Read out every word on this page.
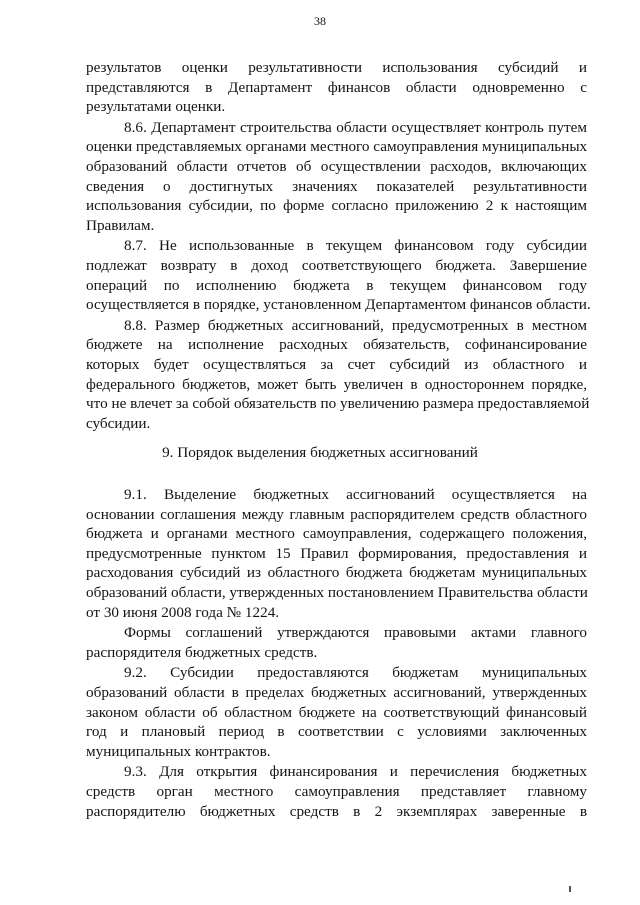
38
результатов оценки результативности использования субсидий и
представляются в Департамент финансов области одновременно с
результатами оценки.
8.6. Департамент строительства области осуществляет контроль путем
оценки представляемых органами местного самоуправления муниципальных
образований области отчетов об осуществлении расходов, включающих
сведения о достигнутых значениях показателей результативности
использования субсидии, по форме согласно приложению 2 к настоящим
Правилам.
8.7. Не использованные в текущем финансовом году субсидии
подлежат возврату в доход соответствующего бюджета. Завершение
операций по исполнению бюджета в текущем финансовом году
осуществляется в порядке, установленном Департаментом финансов области.
8.8. Размер бюджетных ассигнований, предусмотренных в местном
бюджете на исполнение расходных обязательств, софинансирование
которых будет осуществляться за счет субсидий из областного и
федерального бюджетов, может быть увеличен в одностороннем порядке,
что не влечет за собой обязательств по увеличению размера предоставляемой
субсидии.
9. Порядок выделения бюджетных ассигнований
9.1. Выделение бюджетных ассигнований осуществляется на
основании соглашения между главным распорядителем средств областного
бюджета и органами местного самоуправления, содержащего положения,
предусмотренные пунктом 15 Правил формирования, предоставления и
расходования субсидий из областного бюджета бюджетам муниципальных
образований области, утвержденных постановлением Правительства области
от 30 июня 2008 года № 1224.
Формы соглашений утверждаются правовыми актами главного
распорядителя бюджетных средств.
9.2. Субсидии предоставляются бюджетам муниципальных
образований области в пределах бюджетных ассигнований, утвержденных
законом области об областном бюджете на соответствующий финансовый
год и плановый период в соответствии с условиями заключенных
муниципальных контрактов.
9.3. Для открытия финансирования и перечисления бюджетных
средств орган местного самоуправления представляет главному
распорядителю бюджетных средств в 2 экземплярах заверенные в
